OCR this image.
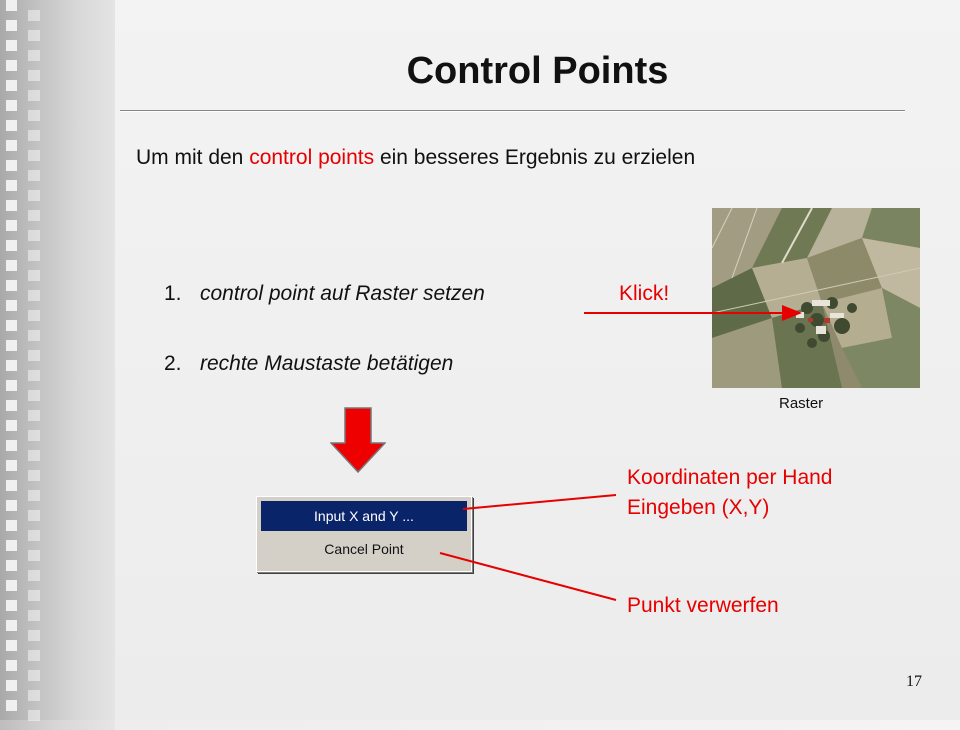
Control Points
Um mit den control points ein besseres Ergebnis zu erzielen
1. control point auf Raster setzen
2. rechte Maustaste betätigen
Klick!
Raster
Input X and Y ...
Cancel Point
Koordinaten per Hand
Eingeben (X,Y)
Punkt verwerfen
17
